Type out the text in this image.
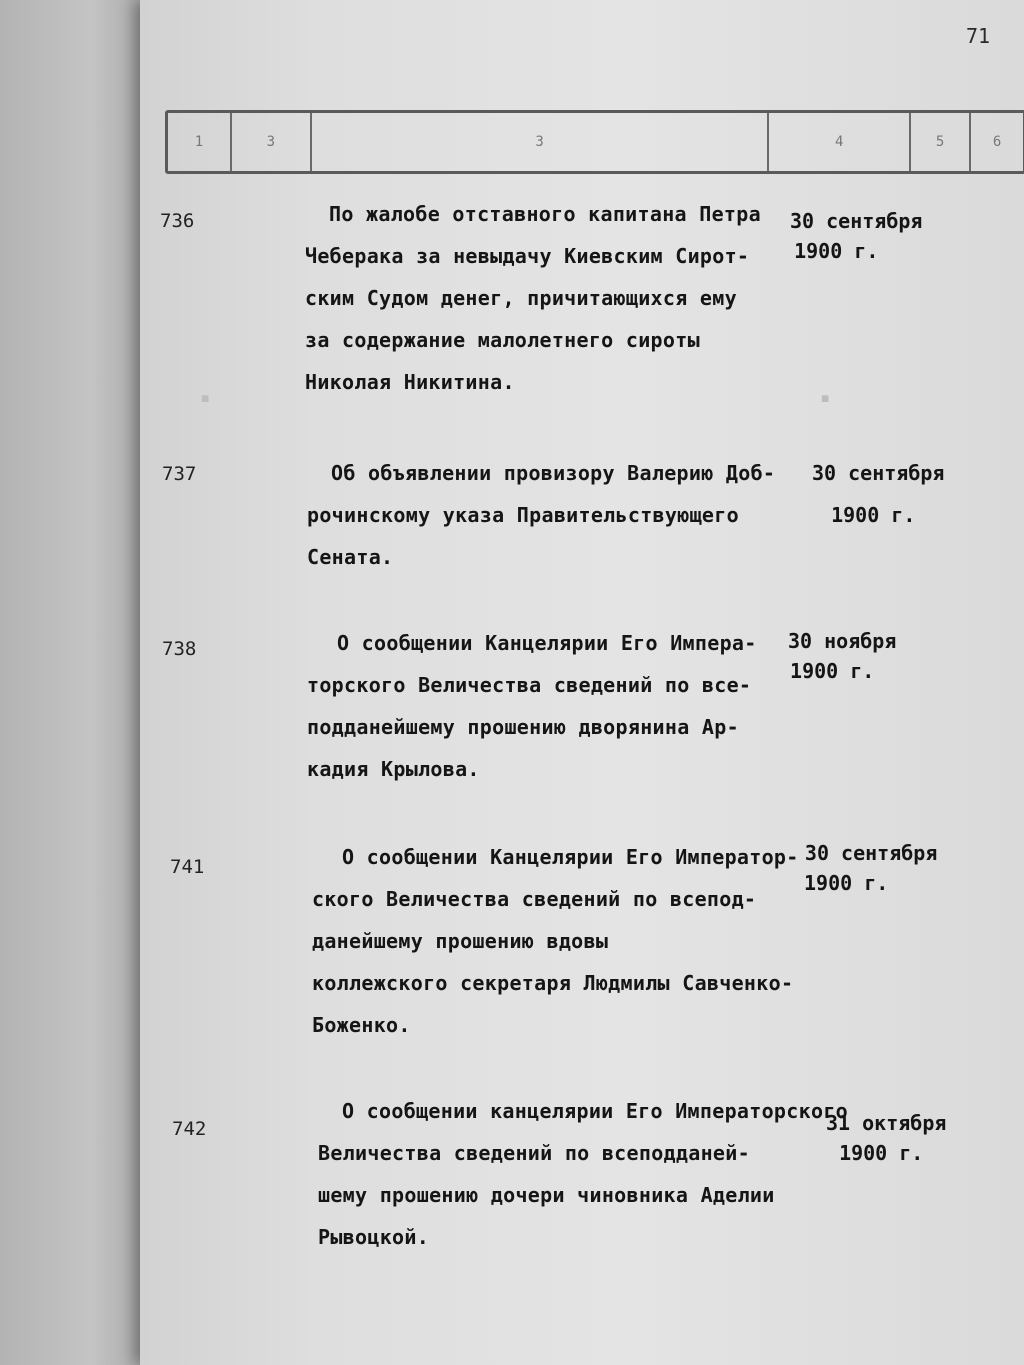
▪	▪
71
1	3	3	4	5	6
736	По жалобе отставного капитана Петра
Чеберака за невыдачу Киевским Сирот-
ским Судом денег, причитающихся ему
за содержание малолетнего сироты
Николая Никитина.
30 сентября
1900 г.
737	Об объявлении провизору Валерию Доб-
рочинскому указа Правительствующего
Сената.
30 сентября
1900 г.
738	О сообщении Канцелярии Его Импера-
торского Величества сведений по все-
подданейшему прошению дворянина Ар-
кадия Крылова.
30 ноября
1900 г.
741	О сообщении Канцелярии Его Император-
ского Величества сведений по всепод-
данейшему прошению вдовы
коллежского секретаря Людмилы Савченко-
Боженко.
30 сентября
1900 г.
742
О сообщении канцелярии Его Императорского
Величества сведений по всеподданей-
шему прошению дочери чиновника Аделии
Рывоцкой.
31 октября
1900 г.
